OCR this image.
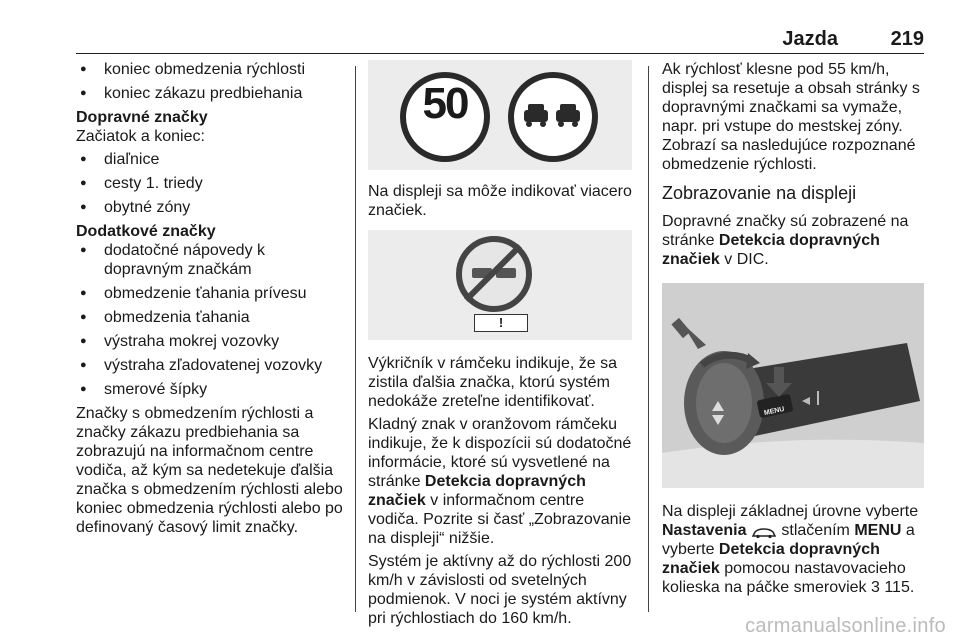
Jazda	219
● koniec obmedzenia rýchlosti
● koniec zákazu predbiehania
Dopravné značky

Začiatok a koniec:

● diaľnice
● cesty 1. triedy
● obytné zóny
Dodatkové značky
● dodatočné nápovedy k dopravným značkám
● obmedzenie ťahania prívesu
● obmedzenia ťahania
● výstraha mokrej vozovky
● výstraha zľadovatenej vozovky
● smerové šípky

Značky s obmedzením rýchlosti a značky zákazu predbiehania sa zobrazujú na informačnom centre vodiča, až kým sa nedetekuje ďalšia značka s obmedzením rýchlosti alebo koniec obmedzenia rýchlosti alebo po definovaný časový limit značky.

50

Na displeji sa môže indikovať viacero značiek.

!

Výkričník v rámčeku indikuje, že sa zistila ďalšia značka, ktorú systém nedokáže zreteľne identifikovať.

Kladný znak v oranžovom rámčeku indikuje, že k dispozícii sú dodatočné informácie, ktoré sú vysvetlené na stránke Detekcia dopravných značiek v informačnom centre vodiča. Pozrite si časť „Zobrazovanie na displeji“ nižšie.

Systém je aktívny až do rýchlosti 200 km/h v závislosti od svetelných podmienok. V noci je systém aktívny pri rýchlostiach do 160 km/h.

Ak rýchlosť klesne pod 55 km/h, displej sa resetuje a obsah stránky s dopravnými značkami sa vymaže, napr. pri vstupe do mestskej zóny. Zobrazí sa nasledujúce rozpoznané obmedzenie rýchlosti.

Zobrazovanie na displeji

Dopravné značky sú zobrazené na stránke Detekcia dopravných značiek v DIC.

MENU

Na displeji základnej úrovne vyberte Nastavenia  stlačením MENU a vyberte Detekcia dopravných značiek pomocou nastavovacieho kolieska na páčke smeroviek 3 115.

carmanualsonline.info
